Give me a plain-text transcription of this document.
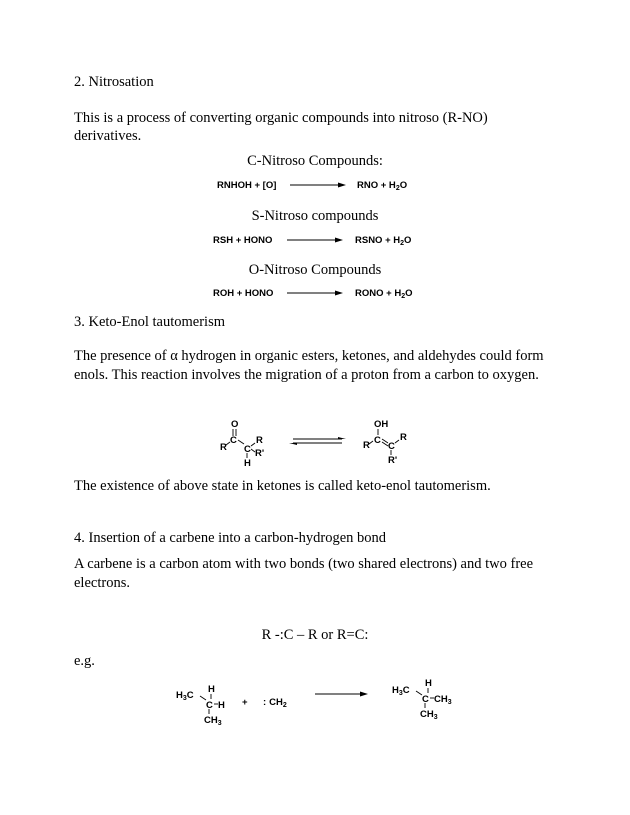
2. Nitrosation
This is a process of converting organic compounds into nitroso (R-NO)
derivatives.
C-Nitroso Compounds:
RNHOH + [O] → RNO + $H_2O$
S-Nitroso compounds
RSH + HONO → RSNO + $H_2O$
O-Nitroso Compounds
ROH + HONO → RONO + $H_2O$
3. Keto-Enol tautomerism
The presence of α hydrogen in organic esters, ketones, and aldehydes could form
enols. This reaction involves the migration of a proton from a carbon to oxygen.
O
R
C
C
R
R'
H
OH
R C
C
R
R'
The existence of above state in ketones is called keto-enol tautomerism.
4. Insertion of a carbene into a carbon-hydrogen bond
A carbene is a carbon atom with two bonds (two shared electrons) and two free
electrons.
R -:C – R or R=C:
e.g.
H
$H_3C$
C H
$CH_3$
+ : $CH_2$
H
$H_3C$
C $CH_3$
$CH_3$
